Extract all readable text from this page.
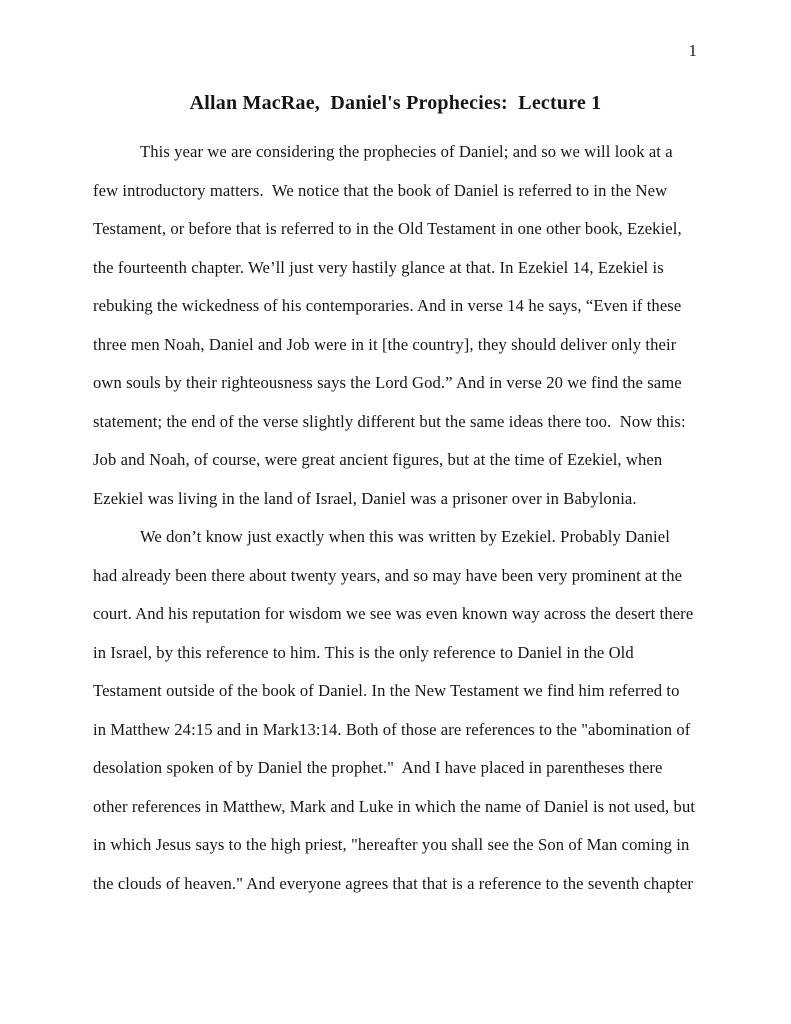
1
Allan MacRae,  Daniel's Prophecies:  Lecture 1
This year we are considering the prophecies of Daniel; and so we will look at a
few introductory matters.  We notice that the book of Daniel is referred to in the New
Testament, or before that is referred to in the Old Testament in one other book, Ezekiel,
the fourteenth chapter. We’ll just very hastily glance at that. In Ezekiel 14, Ezekiel is
rebuking the wickedness of his contemporaries. And in verse 14 he says, “Even if these
three men Noah, Daniel and Job were in it [the country], they should deliver only their
own souls by their righteousness says the Lord God.” And in verse 20 we find the same
statement; the end of the verse slightly different but the same ideas there too.  Now this:
Job and Noah, of course, were great ancient figures, but at the time of Ezekiel, when
Ezekiel was living in the land of Israel, Daniel was a prisoner over in Babylonia.
We don’t know just exactly when this was written by Ezekiel. Probably Daniel
had already been there about twenty years, and so may have been very prominent at the
court. And his reputation for wisdom we see was even known way across the desert there
in Israel, by this reference to him. This is the only reference to Daniel in the Old
Testament outside of the book of Daniel. In the New Testament we find him referred to
in Matthew 24:15 and in Mark13:14. Both of those are references to the "abomination of
desolation spoken of by Daniel the prophet."  And I have placed in parentheses there
other references in Matthew, Mark and Luke in which the name of Daniel is not used, but
in which Jesus says to the high priest, "hereafter you shall see the Son of Man coming in
the clouds of heaven." And everyone agrees that that is a reference to the seventh chapter
